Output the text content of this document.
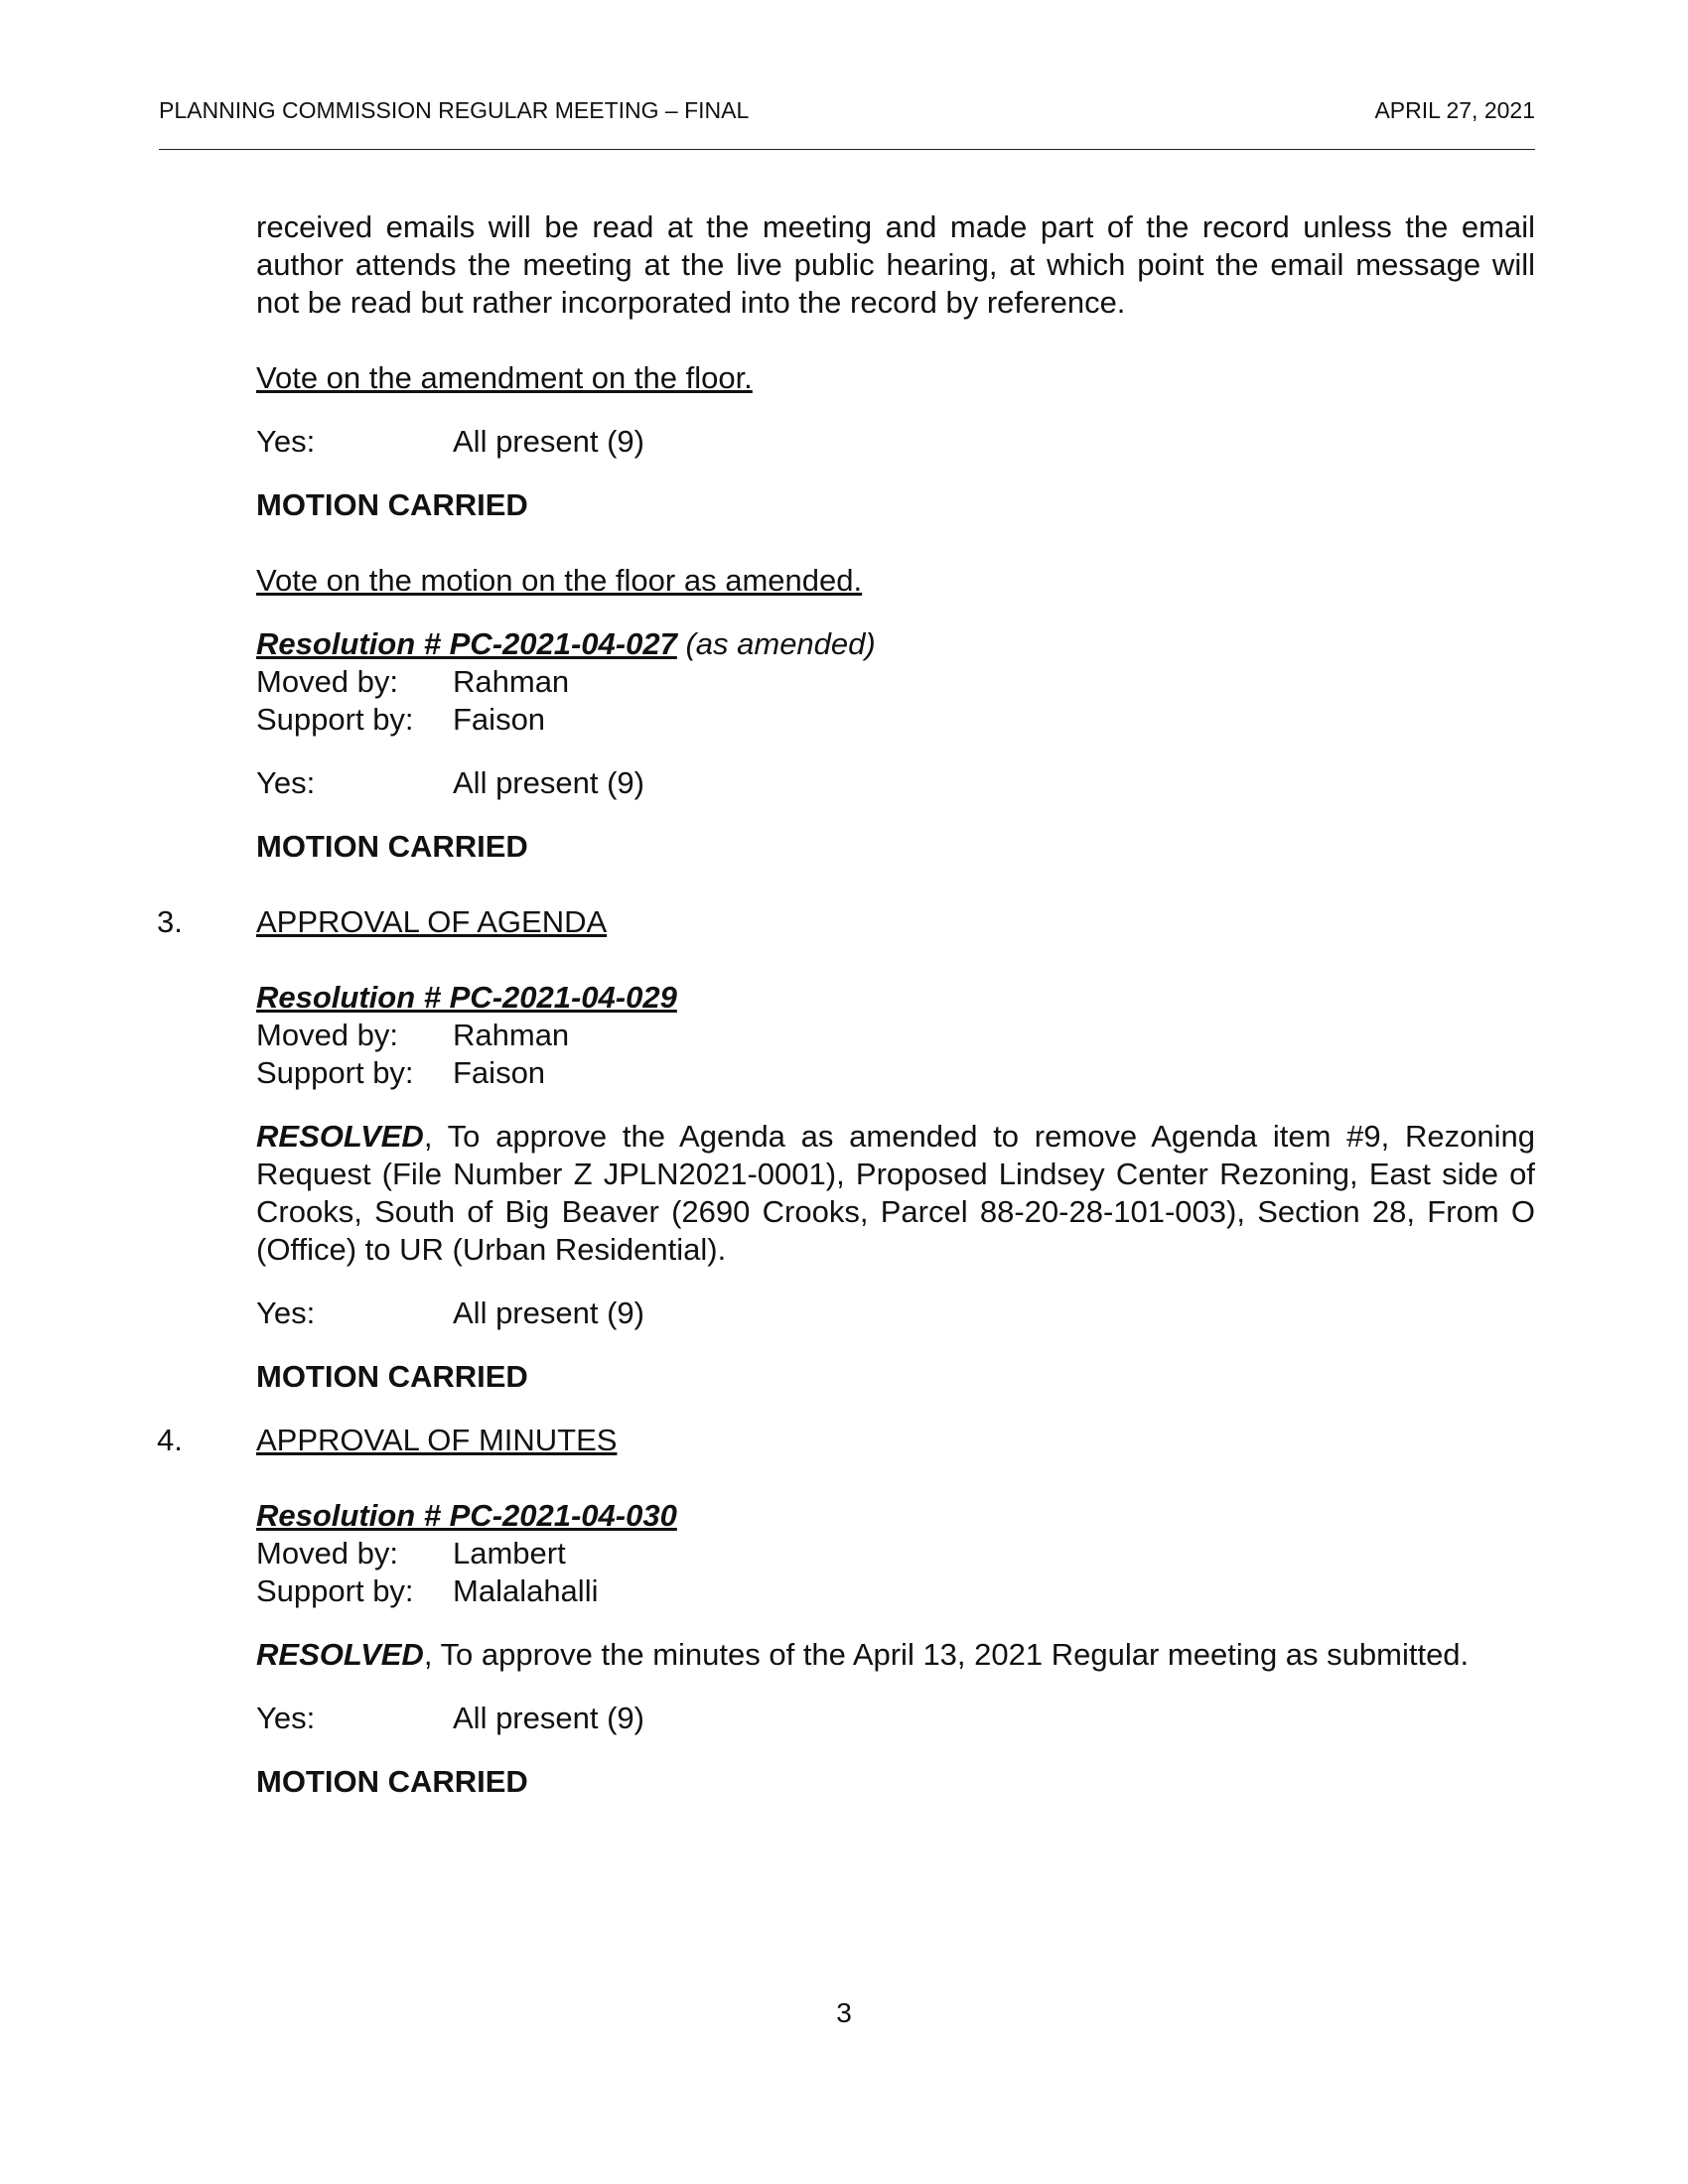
PLANNING COMMISSION REGULAR MEETING – FINAL	APRIL 27, 2021

received emails will be read at the meeting and made part of the record unless the email author attends the meeting at the live public hearing, at which point the email message will not be read but rather incorporated into the record by reference.

Vote on the amendment on the floor.
Yes:	All present (9)
MOTION CARRIED
Vote on the motion on the floor as amended.
Resolution # PC-2021-04-027 (as amended)
Moved by:	Rahman
Support by:	Faison
Yes:	All present (9)
MOTION CARRIED
3. APPROVAL OF AGENDA
Resolution # PC-2021-04-029
Moved by:	Rahman
Support by:	Faison

RESOLVED, To approve the Agenda as amended to remove Agenda item #9, Rezoning Request (File Number Z JPLN2021-0001), Proposed Lindsey Center Rezoning, East side of Crooks, South of Big Beaver (2690 Crooks, Parcel 88-20-28-101-003), Section 28, From O (Office) to UR (Urban Residential).

Yes:	All present (9)
MOTION CARRIED
4. APPROVAL OF MINUTES
Resolution # PC-2021-04-030
Moved by:	Lambert
Support by:	Malalahalli

RESOLVED, To approve the minutes of the April 13, 2021 Regular meeting as submitted.

Yes:	All present (9)
MOTION CARRIED
3
